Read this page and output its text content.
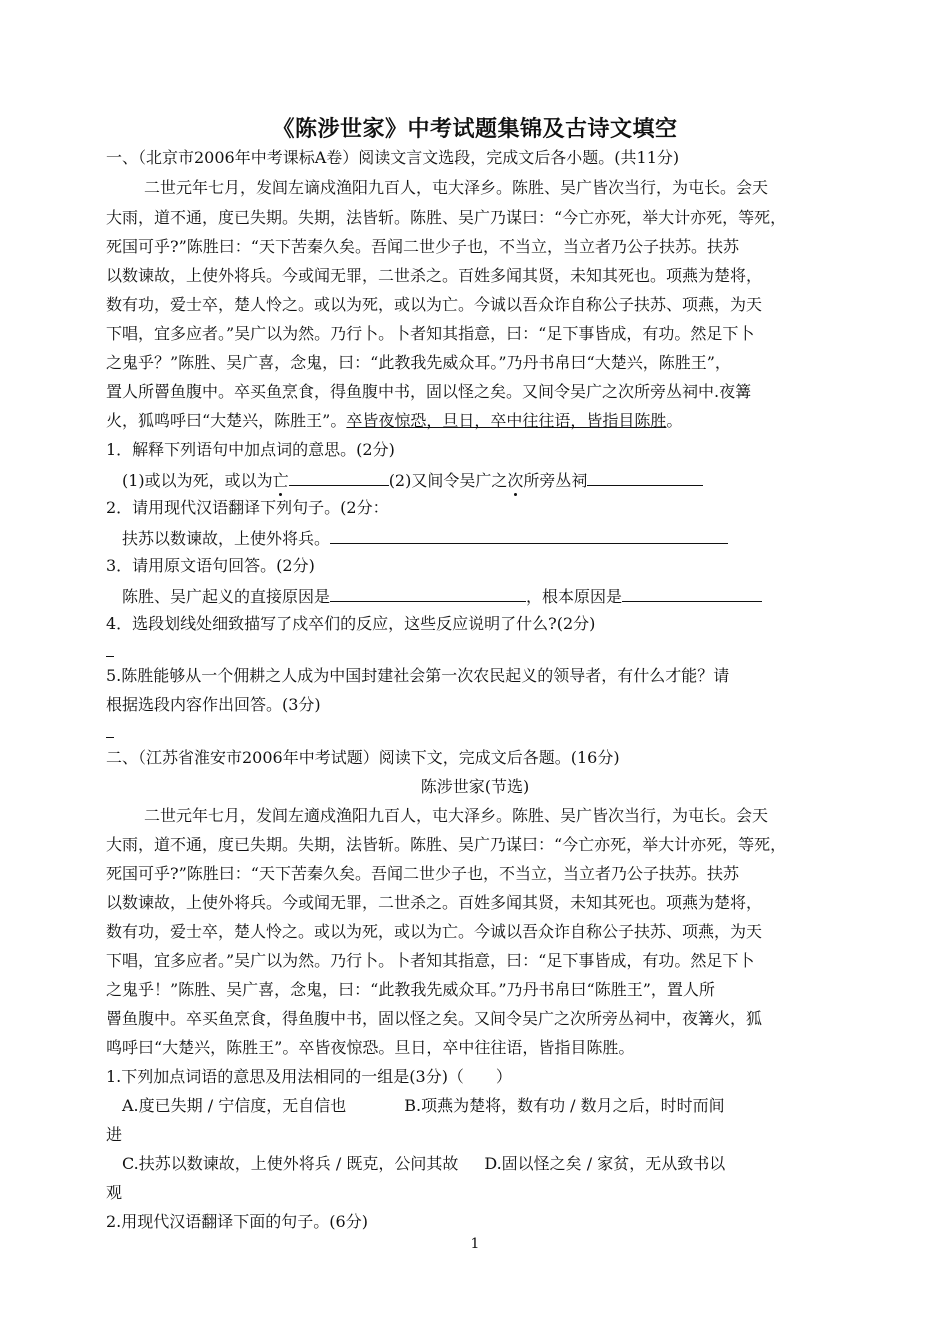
《陈涉世家》中考试题集锦及古诗文填空
一、（北京市2006年中考课标A卷）阅读文言文选段，完成文后各小题。(共11分)
二世元年七月，发闾左谪戍渔阳九百人，屯大泽乡。陈胜、吴广皆次当行，为屯长。会天
大雨，道不通，度已失期。失期，法皆斩。陈胜、吴广乃谋曰：“今亡亦死，举大计亦死，等死，
死国可乎?”陈胜曰：“天下苦秦久矣。吾闻二世少子也，不当立，当立者乃公子扶苏。扶苏
以数谏故，上使外将兵。今或闻无罪，二世杀之。百姓多闻其贤，未知其死也。项燕为楚将，
数有功，爱士卒，楚人怜之。或以为死，或以为亡。今诚以吾众诈自称公子扶苏、项燕，为天
下唱，宜多应者。”吴广以为然。乃行卜。卜者知其指意，曰：“足下事皆成，有功。然足下卜
之鬼乎？”陈胜、吴广喜，念鬼，曰：“此教我先威众耳。”乃丹书帛曰“大楚兴，陈胜王”，
置人所罾鱼腹中。卒买鱼烹食，得鱼腹中书，固以怪之矣。又间令吴广之次所旁丛祠中.夜篝
火，狐鸣呼曰“大楚兴，陈胜王”。卒皆夜惊恐，旦日，卒中往往语，皆指目陈胜。
1．解释下列语句中加点词的意思。(2分)
(1)或以为死，或以为亡	(2)又间令吴广之次所旁丛祠
2．请用现代汉语翻译下列句子。(2分：
扶苏以数谏故，上使外将兵。
3．请用原文语句回答。(2分)
陈胜、吴广起义的直接原因是	，根本原因是
4．选段划线处细致描写了戍卒们的反应，这些反应说明了什么?(2分)
5.陈胜能够从一个佣耕之人成为中国封建社会第一次农民起义的领导者，有什么才能？请
根据选段内容作出回答。(3分)
二、（江苏省淮安市2006年中考试题）阅读下文，完成文后各题。(16分)
陈涉世家(节选)
二世元年七月，发闾左適戍渔阳九百人，屯大泽乡。陈胜、吴广皆次当行，为屯长。会天
大雨，道不通，度已失期。失期，法皆斩。陈胜、吴广乃谋曰：“今亡亦死，举大计亦死，等死，
死国可乎?”陈胜曰：“天下苦秦久矣。吾闻二世少子也，不当立，当立者乃公子扶苏。扶苏
以数谏故，上使外将兵。今或闻无罪，二世杀之。百姓多闻其贤，未知其死也。项燕为楚将，
数有功，爱士卒，楚人怜之。或以为死，或以为亡。今诚以吾众诈自称公子扶苏、项燕，为天
下唱，宜多应者。”吴广以为然。乃行卜。卜者知其指意，曰：“足下事皆成，有功。然足下卜
之鬼乎！”陈胜、吴广喜，念鬼，曰：“此教我先威众耳。”乃丹书帛曰“陈胜王”，置人所
罾鱼腹中。卒买鱼烹食，得鱼腹中书，固以怪之矣。又间令吴广之次所旁丛祠中，夜篝火，狐
鸣呼曰“大楚兴，陈胜王”。卒皆夜惊恐。旦日，卒中往往语，皆指目陈胜。
1.下列加点词语的意思及用法相同的一组是(3分)（　　）
A.度已失期 / 宁信度，无自信也	B.项燕为楚将，数有功 / 数月之后，时时而间
进
C.扶苏以数谏故，上使外将兵 / 既克，公问其故 D.固以怪之矣 / 家贫，无从致书以
观
2.用现代汉语翻译下面的句子。(6分)
1
